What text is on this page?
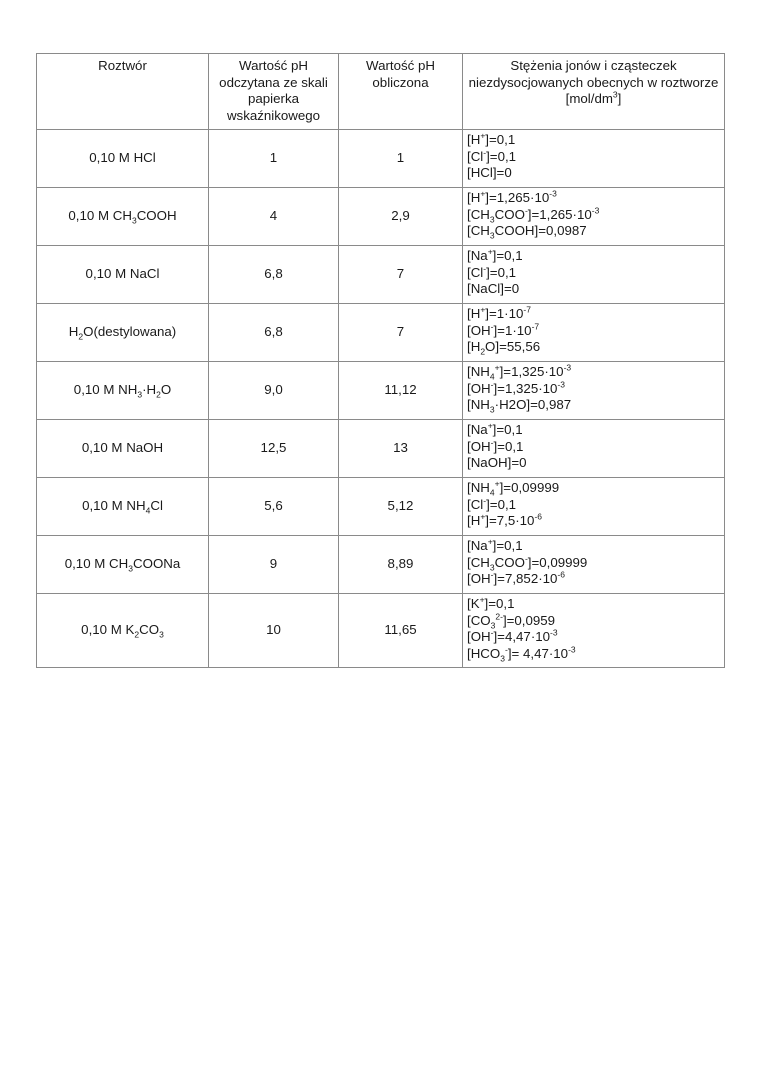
Roztwór	Wartość pH odczytana ze skali papierka wskaźnikowego	Wartość pH obliczona	Stężenia jonów i cząsteczek niezdysocjowanych obecnych w roztworze $[mol/dm^3]$
0,10 M HCl	1	1	[H+]=0,1
[Cl-]=0,1
[HCl]=0

0,10 M $CH_3COOH$	4	2,9	$[H^+]=1,265\cdot 10^{-3}$
$[CH_3COO^-]=1,265\cdot 10^{-3}$
$[CH_3COOH]=0,0987$

0,10 M NaCl	6,8	7	[Na+]=0,1
[Cl-]=0,1
[NaCl]=0

$H_2O(destylowana)$	6,8	7	$[H^+]=1\cdot 10^{-7}$
$[OH^-]=1\cdot 10^{-7}$
$[H_2O]=55,56$

0,10 M $NH_3\cdot H_2O$	9,0	11,12	$[NH_4^+]=1,325\cdot 10^{-3}$
$[OH^-]=1,325\cdot 10^{-3}$
$[NH_3\cdot H2O]=0,987$

0,10 M NaOH	12,5	13	[Na+]=0,1
[OH-]=0,1
[NaOH]=0

0,10 M $NH_4Cl$	5,6	5,12	$[NH_4^+]=0,09999$
[Cl-]=0,1
$[H^+]=7,5\cdot 10^{-6}$

0,10 M $CH_3COONa$	9	8,89	[Na+]=0,1
$[CH_3COO^-]=0,09999$
$[OH^-]=7,852\cdot 10^{-6}$

0,10 M $K_2CO_3$	10	11,65	[K+]=0,1
$[CO_3^{2-}]=0,0959$
$[OH^-]=4,47\cdot 10^{-3}$
$[HCO_3^-]= 4,47\cdot 10^{-3}$
